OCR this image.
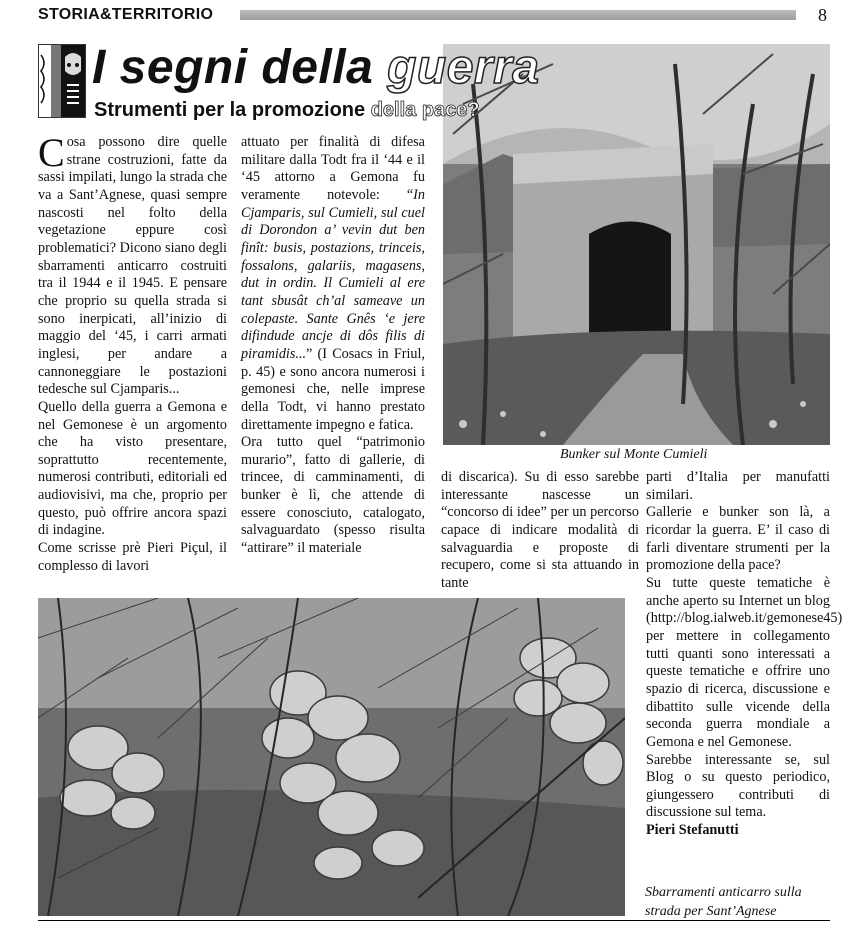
STORIA&TERRITORIO	8
I segni della guerra
Strumenti per la promozione della pace?
Bunker sul Monte Cumieli

Cosa possono dire quelle strane costruzioni, fatte da sassi impilati, lungo la strada che va a Sant’Agnese, quasi sempre nascosti nel folto della vegetazione eppure così problematici? Dicono siano degli sbarramenti anticarro costruiti tra il 1944 e il 1945. E pensare che proprio su quella strada si sono inerpicati, all’inizio di maggio del ‘45, i carri armati inglesi, per andare a cannoneggiare le postazioni tedesche sul Cjamparis...

Quello della guerra a Gemona e nel Gemonese è un argomento che ha visto presentare, soprattutto recentemente, numerosi contributi, editoriali ed audiovisivi, ma che, proprio per questo, può offrire ancora spazi di indagine.

Come scrisse prè Pieri Piçul, il complesso di lavori

attuato per finalità di difesa militare dalla Todt fra il ‘44 e il ‘45 attorno a Gemona fu veramente notevole: “In Cjamparis, sul Cumieli, sul cuel di Dorondon a’ vevin dut ben finît: busis, postazions, trinceis, fossalons, galariis, magasens, dut in ordin. Il Cumieli al ere tant sbusât ch’al sameave un colepaste. Sante Gnês ‘e jere difindude ancje di dôs filis di piramidis...” (I Cosacs in Friul, p. 45) e sono ancora numerosi i gemonesi che, nelle imprese della Todt, vi hanno prestato direttamente impegno e fatica.

Ora tutto quel “patrimonio murario”, fatto di gallerie, di trincee, di camminamenti, di bunker è lì, che attende di essere conosciuto, catalogato, salvaguardato (spesso risulta “attirare” il materiale

di discarica). Su di esso sarebbe interessante nascesse un “concorso di idee” per un percorso capace di indicare modalità di salvaguardia e proposte di recupero, come si sta attuando in tante

parti d’Italia per manufatti similari.

Gallerie e bunker son là, a ricordar la guerra. E’ il caso di farli diventare strumenti per la promozione della pace?

Su tutte queste tematiche è anche aperto su Internet un blog (http://blog.ialweb.it/gemonese45) per mettere in collegamento tutti quanti sono interessati a queste tematiche e offrire uno spazio di ricerca, discussione e dibattito sulle vicende della seconda guerra mondiale a Gemona e nel Gemonese.

Sarebbe interessante se, sul Blog o su questo periodico, giungessero contributi di discussione sul tema.

Pieri Stefanutti

Sbarramenti anticarro sulla
strada per Sant’Agnese
